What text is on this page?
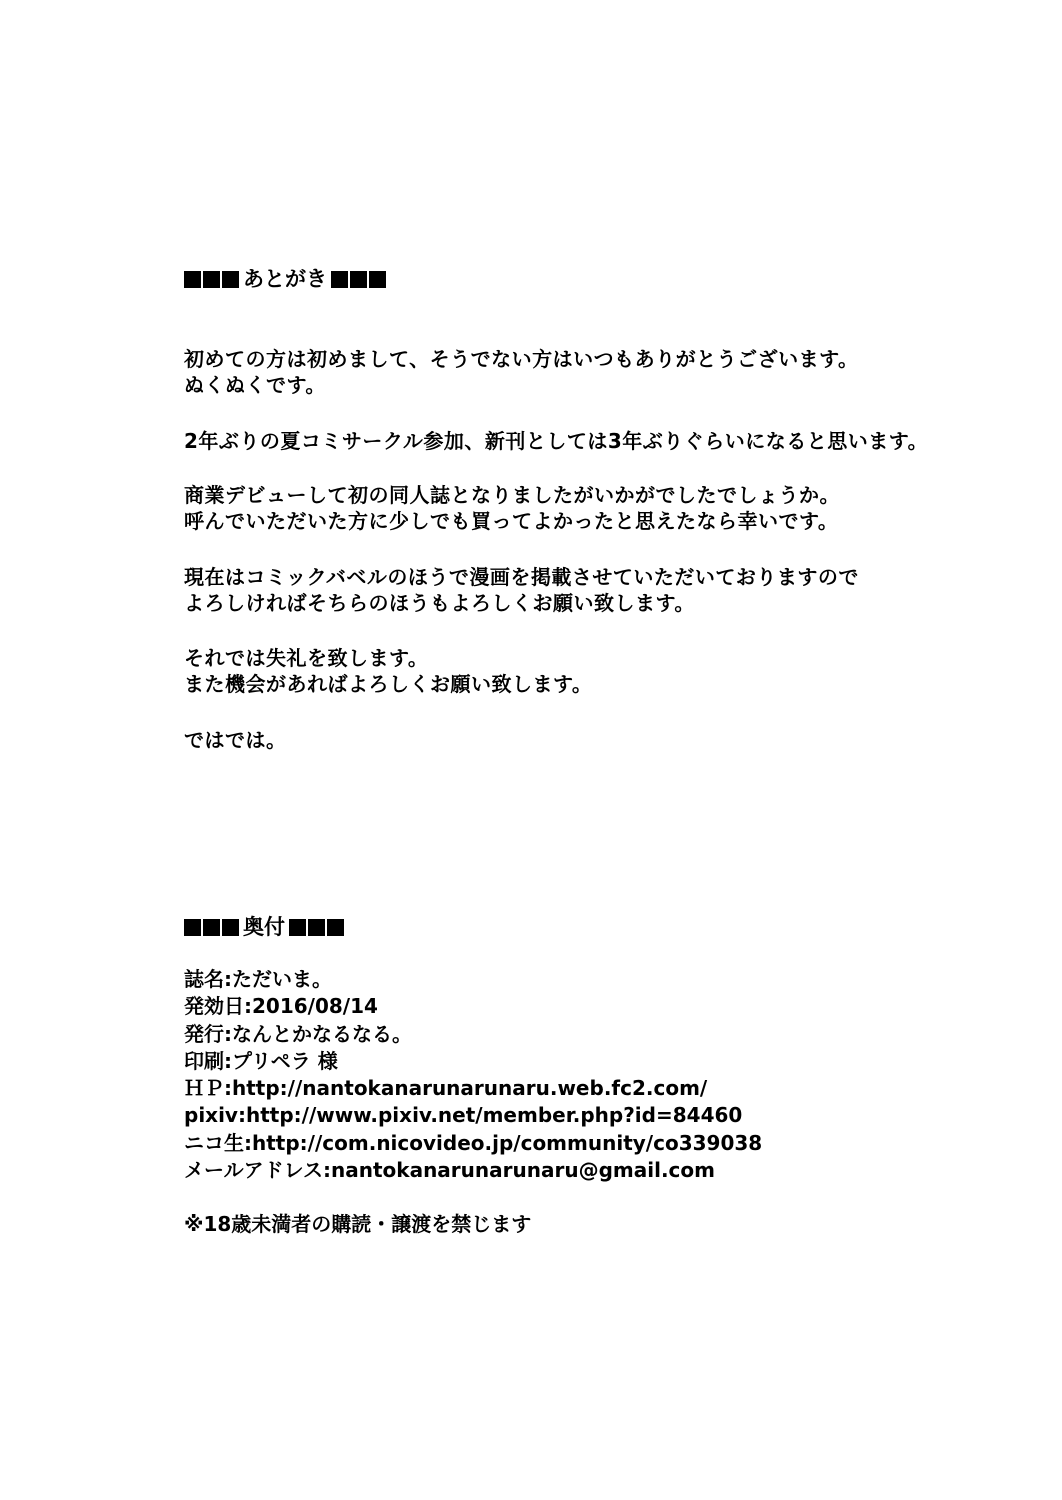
あとがき
初めての方は初めまして、そうでない方はいつもありがとうございます。
ぬくぬくです。
2年ぶりの夏コミサークル参加、新刊としては3年ぶりぐらいになると思います。
商業デビューして初の同人誌となりましたがいかがでしたでしょうか。
呼んでいただいた方に少しでも買ってよかったと思えたなら幸いです。
現在はコミックバベルのほうで漫画を掲載させていただいておりますので
よろしければそちらのほうもよろしくお願い致します。
それでは失礼を致します。
また機会があればよろしくお願い致します。
ではでは。
奥付
誌名:ただいま。
発効日:2016/08/14
発行:なんとかなるなる。
印刷:プリペラ 様
ＨＰ:http://nantokanarunarunaru.web.fc2.com/
pixiv:http://www.pixiv.net/member.php?id=84460
ニコ生:http://com.nicovideo.jp/community/co339038
メールアドレス:nantokanarunarunaru@gmail.com
※18歳未満者の購読・譲渡を禁じます
